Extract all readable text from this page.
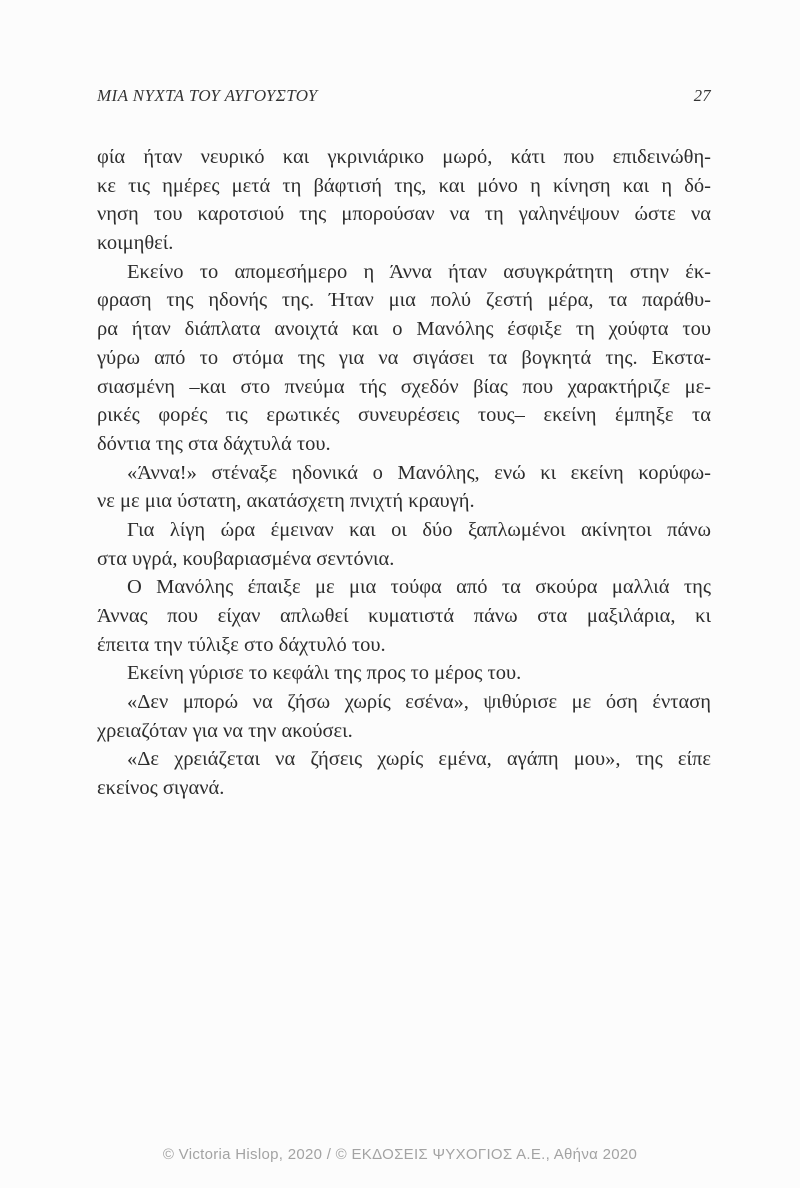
ΜΙΑ ΝΥΧΤΑ ΤΟΥ ΑΥΓΟΥΣΤΟΥ	27
φία ήταν νευρικό και γκρινιάρικο μωρό, κάτι που επιδεινώθη-
κε τις ημέρες μετά τη βάφτισή της, και μόνο η κίνηση και η δό-
νηση του καροτσιού της μπορούσαν να τη γαληνέψουν ώστε να
κοιμηθεί.
Εκείνο το απομεσήμερο η Άννα ήταν ασυγκράτητη στην έκ-
φραση της ηδονής της. Ήταν μια πολύ ζεστή μέρα, τα παράθυ-
ρα ήταν διάπλατα ανοιχτά και ο Μανόλης έσφιξε τη χούφτα του
γύρω από το στόμα της για να σιγάσει τα βογκητά της. Εκστα-
σιασμένη –και στο πνεύμα τής σχεδόν βίας που χαρακτήριζε με-
ρικές φορές τις ερωτικές συνευρέσεις τους– εκείνη έμπηξε τα
δόντια της στα δάχτυλά του.
«Άννα!» στέναξε ηδονικά ο Μανόλης, ενώ κι εκείνη κορύφω-
νε με μια ύστατη, ακατάσχετη πνιχτή κραυγή.
Για λίγη ώρα έμειναν και οι δύο ξαπλωμένοι ακίνητοι πάνω
στα υγρά, κουβαριασμένα σεντόνια.
Ο Μανόλης έπαιξε με μια τούφα από τα σκούρα μαλλιά της
Άννας που είχαν απλωθεί κυματιστά πάνω στα μαξιλάρια, κι
έπειτα την τύλιξε στο δάχτυλό του.
Εκείνη γύρισε το κεφάλι της προς το μέρος του.
«Δεν μπορώ να ζήσω χωρίς εσένα», ψιθύρισε με όση ένταση
χρειαζόταν για να την ακούσει.
«Δε χρειάζεται να ζήσεις χωρίς εμένα, αγάπη μου», της είπε
εκείνος σιγανά.
© Victoria Hislop, 2020 / © ΕΚΔΟΣΕΙΣ ΨΥΧΟΓΙΟΣ Α.Ε., Αθήνα 2020
